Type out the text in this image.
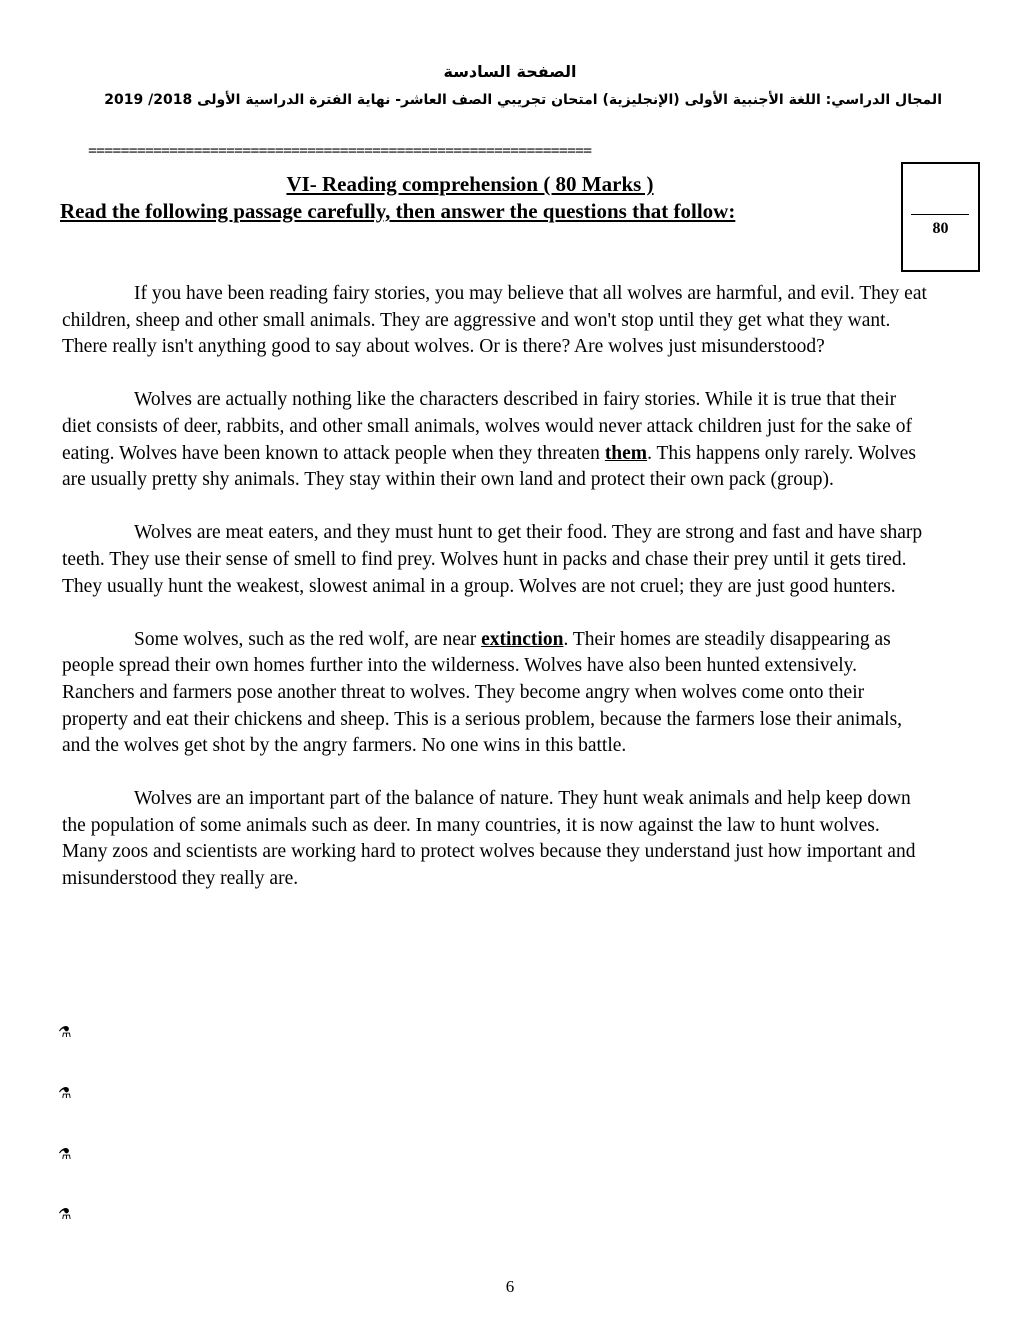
الصفحة السادسة
المجال الدراسي: اللغة الأجنبية الأولى (الإنجليزية) امتحان تجريبي الصف العاشر- نهاية الفترة الدراسية الأولى 2018/ 2019
==============================================================
VI- Reading comprehension ( 80 Marks )
Read the following passage carefully, then answer the questions that follow:
80

If you have been reading fairy stories, you may believe that all wolves are harmful, and evil. They eat children, sheep and other small animals. They are aggressive and won't stop until they get what they want. There really isn't anything good to say about wolves. Or is there? Are wolves just misunderstood?

Wolves are actually nothing like the characters described in fairy stories. While it is true that their diet consists of deer, rabbits, and other small animals, wolves would never attack children just for the sake of eating. Wolves have been known to attack people when they threaten them. This happens only rarely. Wolves are usually pretty shy animals. They stay within their own land and protect their own pack (group).

Wolves are meat eaters, and they must hunt to get their food. They are strong and fast and have sharp teeth. They use their sense of smell to find prey. Wolves hunt in packs and chase their prey until it gets tired. They usually hunt the weakest, slowest animal in a group. Wolves are not cruel; they are just good hunters.

Some wolves, such as the red wolf, are near extinction. Their homes are steadily disappearing as people spread their own homes further into the wilderness. Wolves have also been hunted extensively. Ranchers and farmers pose another threat to wolves. They become angry when wolves come onto their property and eat their chickens and sheep. This is a serious problem, because the farmers lose their animals, and the wolves get shot by the angry farmers. No one wins in this battle.

Wolves are an important part of the balance of nature. They hunt weak animals and help keep down the population of some animals such as deer. In many countries, it is now against the law to hunt wolves. Many zoos and scientists are working hard to protect wolves because they understand just how important and misunderstood they really are.

⚗
⚗
⚗
⚗
6
